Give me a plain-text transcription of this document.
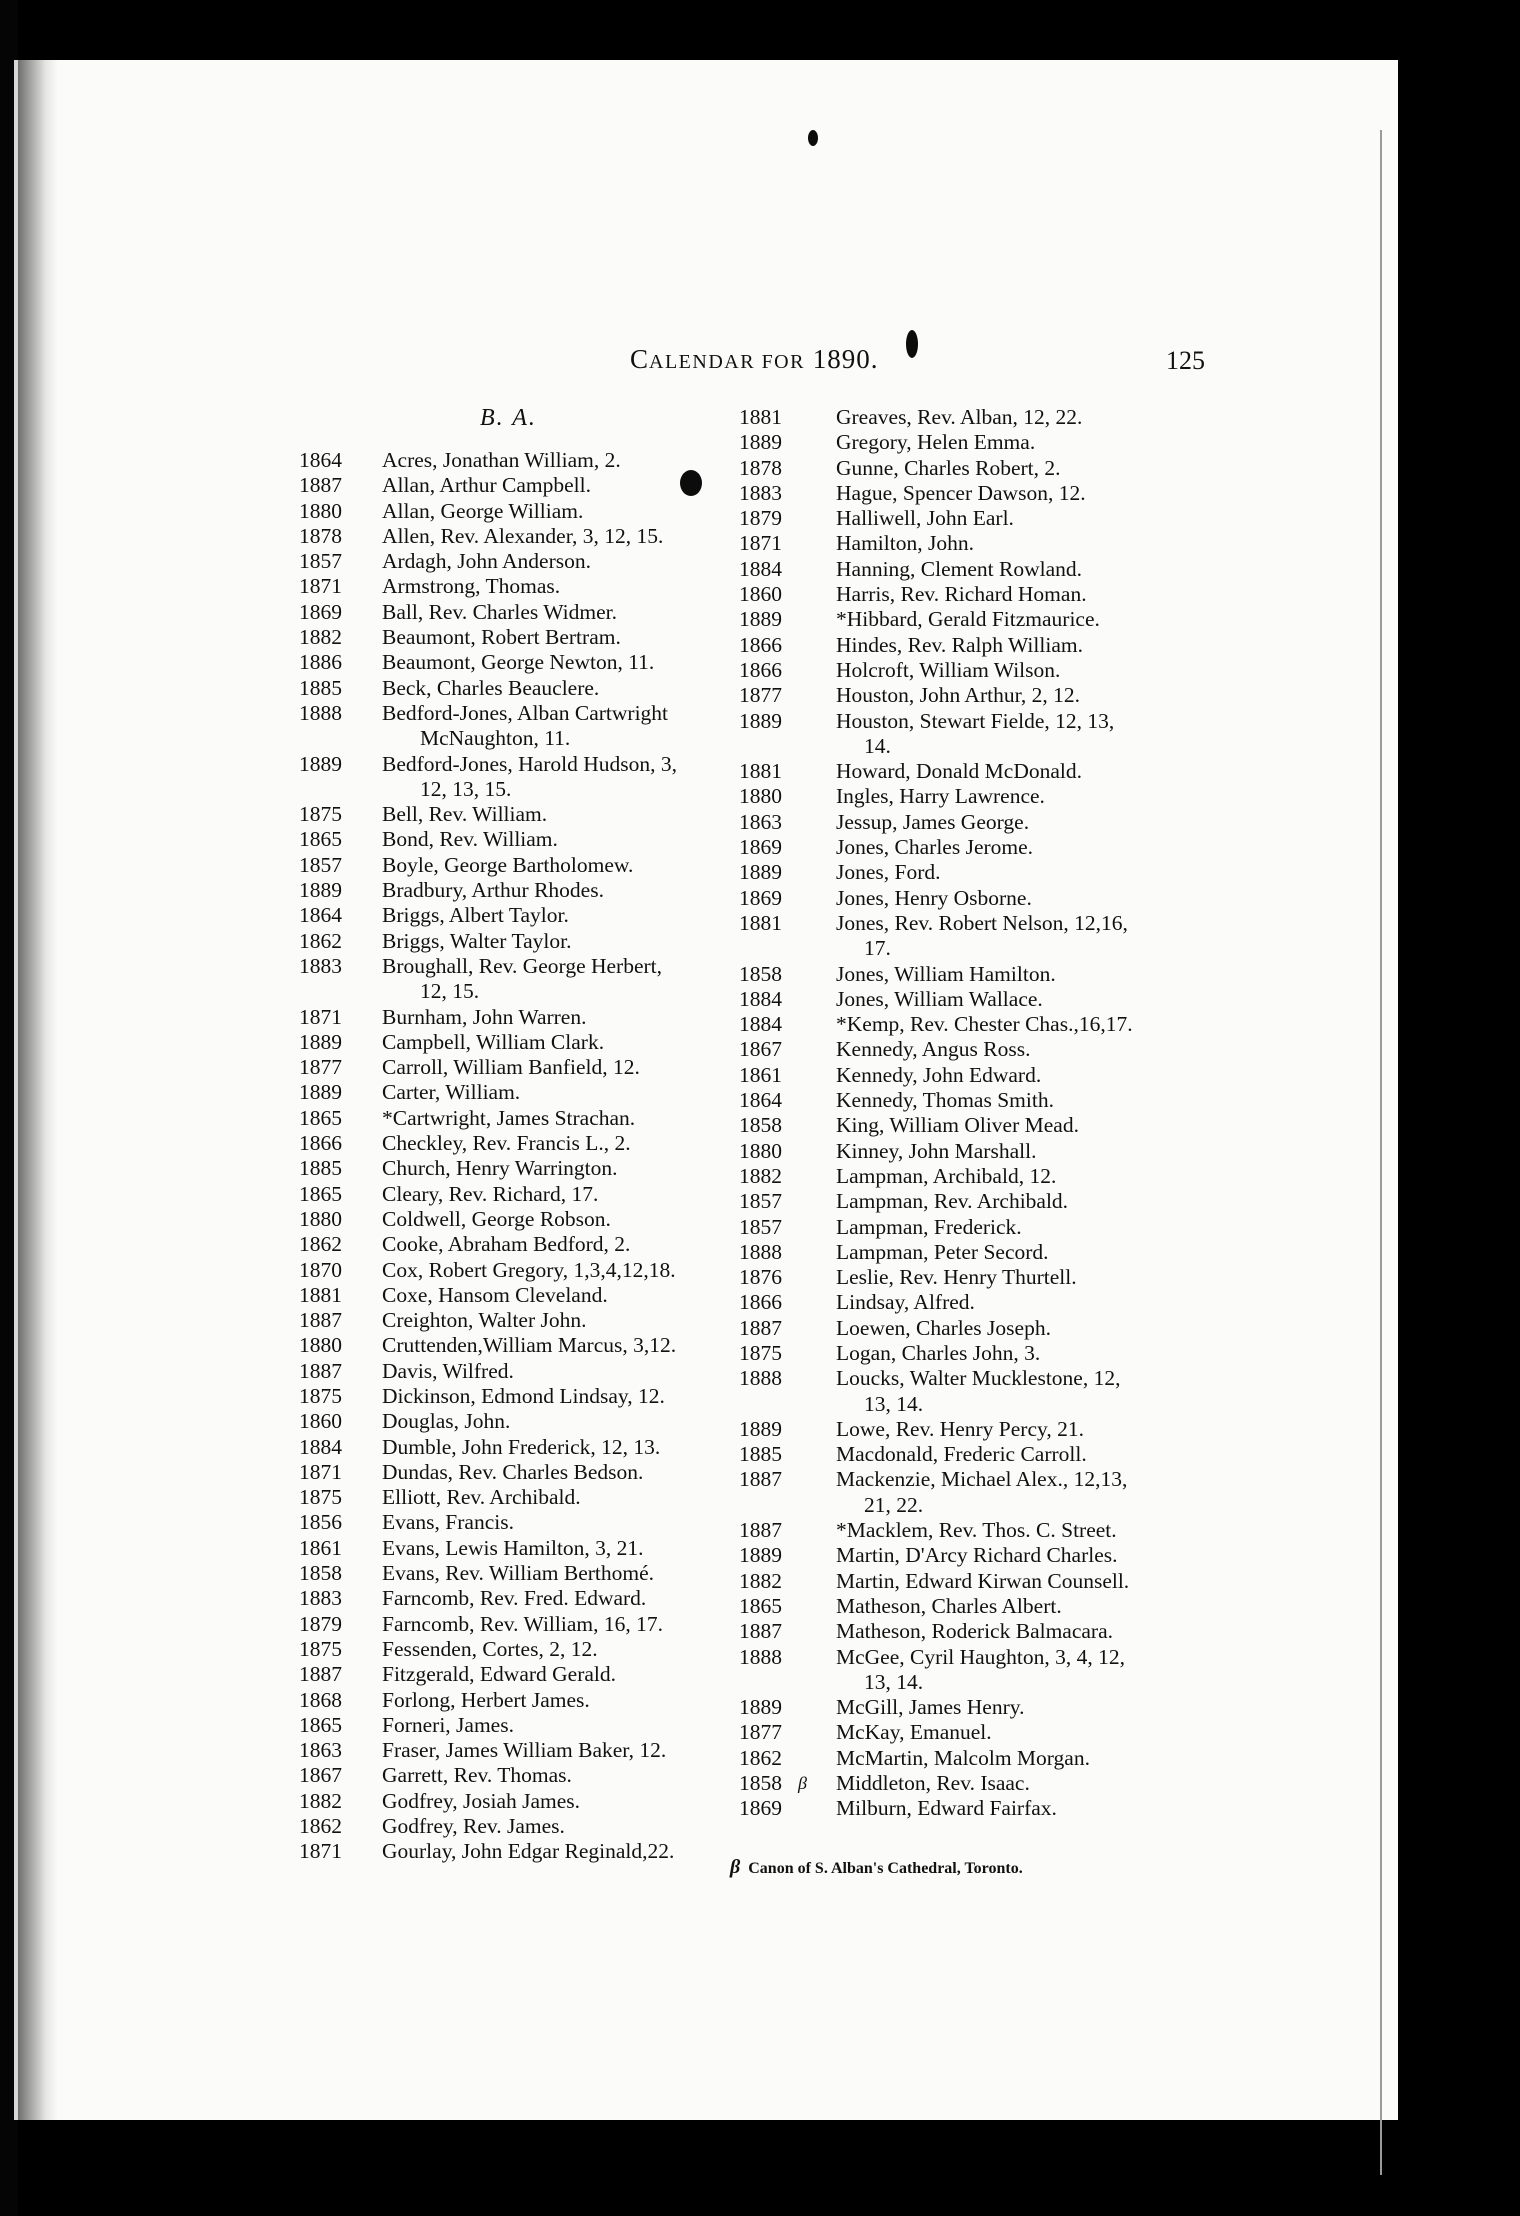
CALENDAR FOR 1890.	125
B. A.
1864 Acres, Jonathan William, 2.
1887 Allan, Arthur Campbell.
1880 Allan, George William.
1878 Allen, Rev. Alexander, 3, 12, 15.
1857 Ardagh, John Anderson.
1871 Armstrong, Thomas.
1869 Ball, Rev. Charles Widmer.
1882 Beaumont, Robert Bertram.
1886 Beaumont, George Newton, 11.
1885 Beck, Charles Beauclere.
1888 Bedford-Jones, Alban Cartwright
McNaughton, 11.
1889 Bedford-Jones, Harold Hudson, 3,
12, 13, 15.
1875 Bell, Rev. William.
1865 Bond, Rev. William.
1857 Boyle, George Bartholomew.
1889 Bradbury, Arthur Rhodes.
1864 Briggs, Albert Taylor.
1862 Briggs, Walter Taylor.
1883 Broughall, Rev. George Herbert,
12, 15.
1871 Burnham, John Warren.
1889 Campbell, William Clark.
1877 Carroll, William Banfield, 12.
1889 Carter, William.
1865 *Cartwright, James Strachan.
1866 Checkley, Rev. Francis L., 2.
1885 Church, Henry Warrington.
1865 Cleary, Rev. Richard, 17.
1880 Coldwell, George Robson.
1862 Cooke, Abraham Bedford, 2.
1870 Cox, Robert Gregory, 1,3,4,12,18.
1881 Coxe, Hansom Cleveland.
1887 Creighton, Walter John.
1880 Cruttenden,William Marcus, 3,12.
1887 Davis, Wilfred.
1875 Dickinson, Edmond Lindsay, 12.
1860 Douglas, John.
1884 Dumble, John Frederick, 12, 13.
1871 Dundas, Rev. Charles Bedson.
1875 Elliott, Rev. Archibald.
1856 Evans, Francis.
1861 Evans, Lewis Hamilton, 3, 21.
1858 Evans, Rev. William Berthomé.
1883 Farncomb, Rev. Fred. Edward.
1879 Farncomb, Rev. William, 16, 17.
1875 Fessenden, Cortes, 2, 12.
1887 Fitzgerald, Edward Gerald.
1868 Forlong, Herbert James.
1865 Forneri, James.
1863 Fraser, James William Baker, 12.
1867 Garrett, Rev. Thomas.
1882 Godfrey, Josiah James.
1862 Godfrey, Rev. James.
1871 Gourlay, John Edgar Reginald,22.
1881	Greaves, Rev. Alban, 12, 22.
1889	Gregory, Helen Emma.
1878	Gunne, Charles Robert, 2.
1883	Hague, Spencer Dawson, 12.
1879	Halliwell, John Earl.
1871	Hamilton, John.
1884	Hanning, Clement Rowland.
1860	Harris, Rev. Richard Homan.
1889	*Hibbard, Gerald Fitzmaurice.
1866	Hindes, Rev. Ralph William.
1866	Holcroft, William Wilson.
1877	Houston, John Arthur, 2, 12.
1889	Houston, Stewart Fielde, 12, 13,
14.
1881	Howard, Donald McDonald.
1880	Ingles, Harry Lawrence.
1863	Jessup, James George.
1869	Jones, Charles Jerome.
1889	Jones, Ford.
1869	Jones, Henry Osborne.
1881	Jones, Rev. Robert Nelson, 12,16,
17.
1858	Jones, William Hamilton.
1884	Jones, William Wallace.
1884	*Kemp, Rev. Chester Chas.,16,17.
1867	Kennedy, Angus Ross.
1861	Kennedy, John Edward.
1864	Kennedy, Thomas Smith.
1858	King, William Oliver Mead.
1880	Kinney, John Marshall.
1882	Lampman, Archibald, 12.
1857	Lampman, Rev. Archibald.
1857	Lampman, Frederick.
1888	Lampman, Peter Secord.
1876	Leslie, Rev. Henry Thurtell.
1866	Lindsay, Alfred.
1887	Loewen, Charles Joseph.
1875	Logan, Charles John, 3.
1888	Loucks, Walter Mucklestone, 12,
13, 14.
1889	Lowe, Rev. Henry Percy, 21.
1885	Macdonald, Frederic Carroll.
1887	Mackenzie, Michael Alex., 12,13,
21, 22.
1887	*Macklem, Rev. Thos. C. Street.
1889	Martin, D'Arcy Richard Charles.
1882	Martin, Edward Kirwan Counsell.
1865	Matheson, Charles Albert.
1887	Matheson, Roderick Balmacara.
1888	McGee, Cyril Haughton, 3, 4, 12,
13, 14.
1889	McGill, James Henry.
1877	McKay, Emanuel.
1862	McMartin, Malcolm Morgan.
1858 β Middleton, Rev. Isaac.
1869	Milburn, Edward Fairfax.
β Canon of S. Alban's Cathedral, Toronto.
